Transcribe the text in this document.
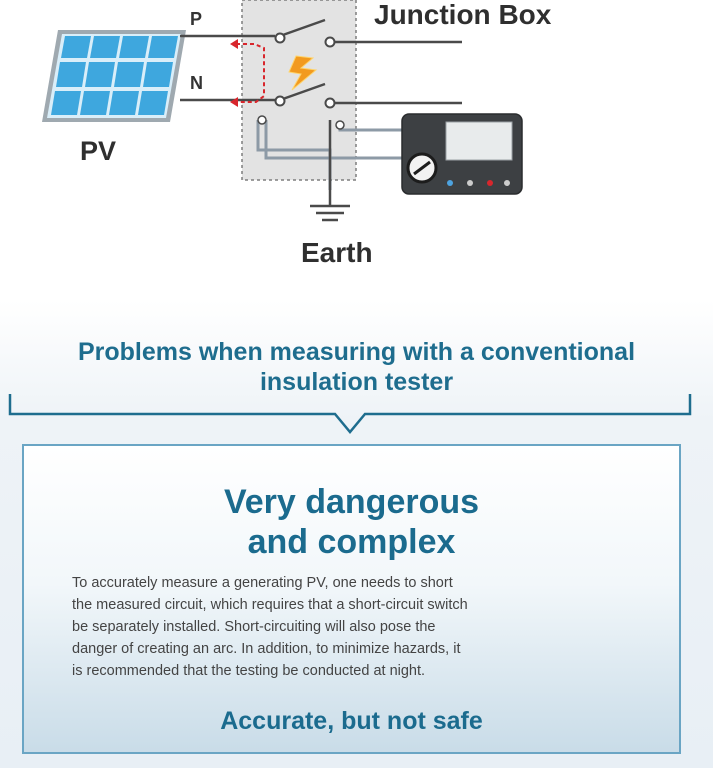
PV
Junction Box
P
N
Earth
Problems when measuring with a conventional
insulation tester
Very dangerous
and complex
To accurately measure a generating PV, one needs to short
the measured circuit, which requires that a short-circuit switch
be separately installed. Short-circuiting will also pose the
danger of creating an arc. In addition, to minimize hazards, it
is recommended that the testing be conducted at night.
Accurate, but not safe
